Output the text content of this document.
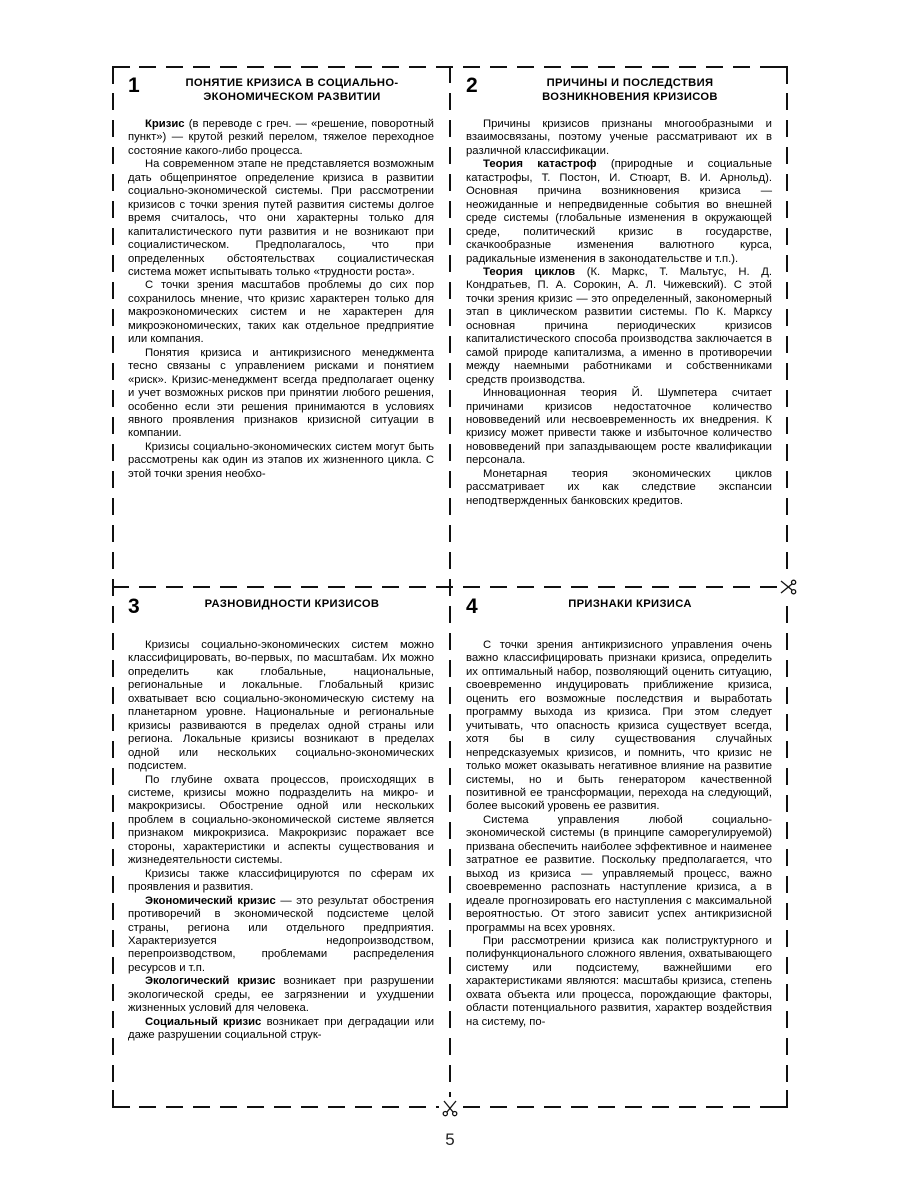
1	ПОНЯТИЕ КРИЗИСА В СОЦИАЛЬНО-ЭКОНОМИЧЕСКОМ РАЗВИТИИ

Кризис (в переводе с греч. — «решение, поворотный пункт») — крутой резкий перелом, тяжелое переходное состояние какого-либо процесса.

На современном этапе не представляется возможным дать общепринятое определение кризиса в развитии социально-экономической системы. При рассмотрении кризисов с точки зрения путей развития системы долгое время считалось, что они характерны только для капиталистического пути развития и не возникают при социалистическом. Предполагалось, что при определенных обстоятельствах социалистическая система может испытывать только «трудности роста».

С точки зрения масштабов проблемы до сих пор сохранилось мнение, что кризис характерен только для макроэкономических систем и не характерен для микроэкономических, таких как отдельное предприятие или компания.

Понятия кризиса и антикризисного менеджмента тесно связаны с управлением рисками и понятием «риск». Кризис-менеджмент всегда предполагает оценку и учет возможных рисков при принятии любого решения, особенно если эти решения принимаются в условиях явного проявления признаков кризисной ситуации в компании.

Кризисы социально-экономических систем могут быть рассмотрены как один из этапов их жизненного цикла. С этой точки зрения необхо-

2	ПРИЧИНЫ И ПОСЛЕДСТВИЯ ВОЗНИКНОВЕНИЯ КРИЗИСОВ

Причины кризисов признаны многообразными и взаимосвязаны, поэтому ученые рассматривают их в различной классификации.

Теория катастроф (природные и социальные катастрофы, Т. Постон, И. Стюарт, В. И. Арнольд). Основная причина возникновения кризиса — неожиданные и непредвиденные события во внешней среде системы (глобальные изменения в окружающей среде, политический кризис в государстве, скачкообразные изменения валютного курса, радикальные изменения в законодательстве и т.п.).

Теория циклов (К. Маркс, Т. Мальтус, Н. Д. Кондратьев, П. А. Сорокин, А. Л. Чижевский). С этой точки зрения кризис — это определенный, закономерный этап в циклическом развитии системы. По К. Марксу основная причина периодических кризисов капиталистического способа производства заключается в самой природе капитализма, а именно в противоречии между наемными работниками и собственниками средств производства.

Инновационная теория Й. Шумпетера считает причинами кризисов недостаточное количество нововведений или несвоевременность их внедрения. К кризису может привести также и избыточное количество нововведений при запаздывающем росте квалификации персонала.

Монетарная теория экономических циклов рассматривает их как следствие экспансии неподтвержденных банковских кредитов.

3	РАЗНОВИДНОСТИ КРИЗИСОВ

Кризисы социально-экономических систем можно классифицировать, во-первых, по масштабам. Их можно определить как глобальные, национальные, региональные и локальные. Глобальный кризис охватывает всю социально-экономическую систему на планетарном уровне. Национальные и региональные кризисы развиваются в пределах одной страны или региона. Локальные кризисы возникают в пределах одной или нескольких социально-экономических подсистем.

По глубине охвата процессов, происходящих в системе, кризисы можно подразделить на микро- и макрокризисы. Обострение одной или нескольких проблем в социально-экономической системе является признаком микрокризиса. Макрокризис поражает все стороны, характеристики и аспекты существования и жизнедеятельности системы.

Кризисы также классифицируются по сферам их проявления и развития.

Экономический кризис — это результат обострения противоречий в экономической подсистеме целой страны, региона или отдельного предприятия. Характеризуется недопроизводством, перепроизводством, проблемами распределения ресурсов и т.п.

Экологический кризис возникает при разрушении экологической среды, ее загрязнении и ухудшении жизненных условий для человека.

Социальный кризис возникает при деградации или даже разрушении социальной струк-

4	ПРИЗНАКИ КРИЗИСА

С точки зрения антикризисного управления очень важно классифицировать признаки кризиса, определить их оптимальный набор, позволяющий оценить ситуацию, своевременно индуцировать приближение кризиса, оценить его возможные последствия и выработать программу выхода из кризиса. При этом следует учитывать, что опасность кризиса существует всегда, хотя бы в силу существования случайных непредсказуемых кризисов, и помнить, что кризис не только может оказывать негативное влияние на развитие системы, но и быть генератором качественной позитивной ее трансформации, перехода на следующий, более высокий уровень ее развития.

Система управления любой социально-экономической системы (в принципе саморегулируемой) призвана обеспечить наиболее эффективное и наименее затратное ее развитие. Поскольку предполагается, что выход из кризиса — управляемый процесс, важно своевременно распознать наступление кризиса, а в идеале прогнозировать его наступления с максимальной вероятностью. От этого зависит успех антикризисной программы на всех уровнях.

При рассмотрении кризиса как полиструктурного и полифункционального сложного явления, охватывающего систему или подсистему, важнейшими его характеристиками являются: масштабы кризиса, степень охвата объекта или процесса, порождающие факторы, области потенциального развития, характер воздействия на систему, по-

5
